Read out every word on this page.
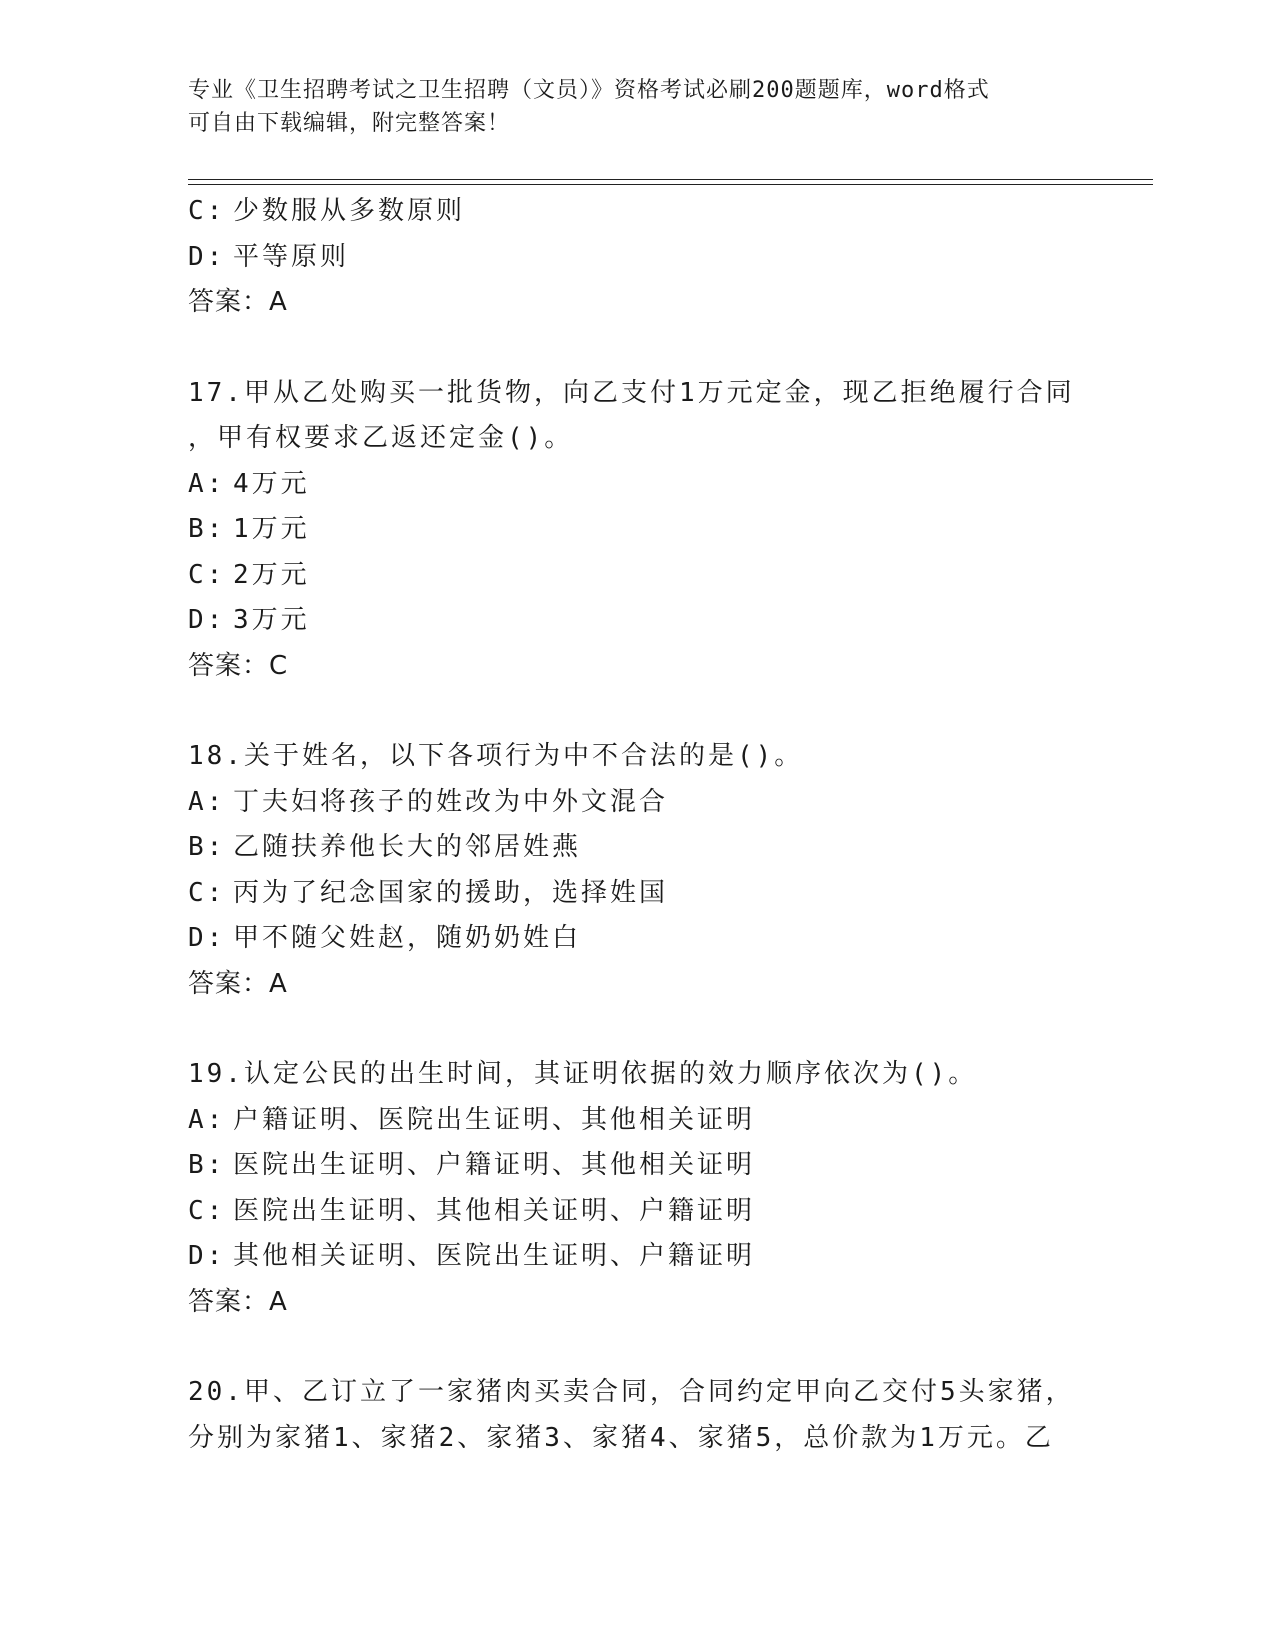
专业《卫生招聘考试之卫生招聘（文员）》资格考试必刷200题题库，word格式
可自由下载编辑，附完整答案！
C: 少数服从多数原则
D: 平等原则
答案：A
17.甲从乙处购买一批货物，向乙支付1万元定金，现乙拒绝履行合同
，甲有权要求乙返还定金()。
A: 4万元
B: 1万元
C: 2万元
D: 3万元
答案：C
18.关于姓名，以下各项行为中不合法的是()。
A: 丁夫妇将孩子的姓改为中外文混合
B: 乙随扶养他长大的邻居姓燕
C: 丙为了纪念国家的援助，选择姓国
D: 甲不随父姓赵，随奶奶姓白
答案：A
19.认定公民的出生时间，其证明依据的效力顺序依次为()。
A: 户籍证明、医院出生证明、其他相关证明
B: 医院出生证明、户籍证明、其他相关证明
C: 医院出生证明、其他相关证明、户籍证明
D: 其他相关证明、医院出生证明、户籍证明
答案：A
20.甲、乙订立了一家猪肉买卖合同，合同约定甲向乙交付5头家猪，
分别为家猪1、家猪2、家猪3、家猪4、家猪5，总价款为1万元。乙
